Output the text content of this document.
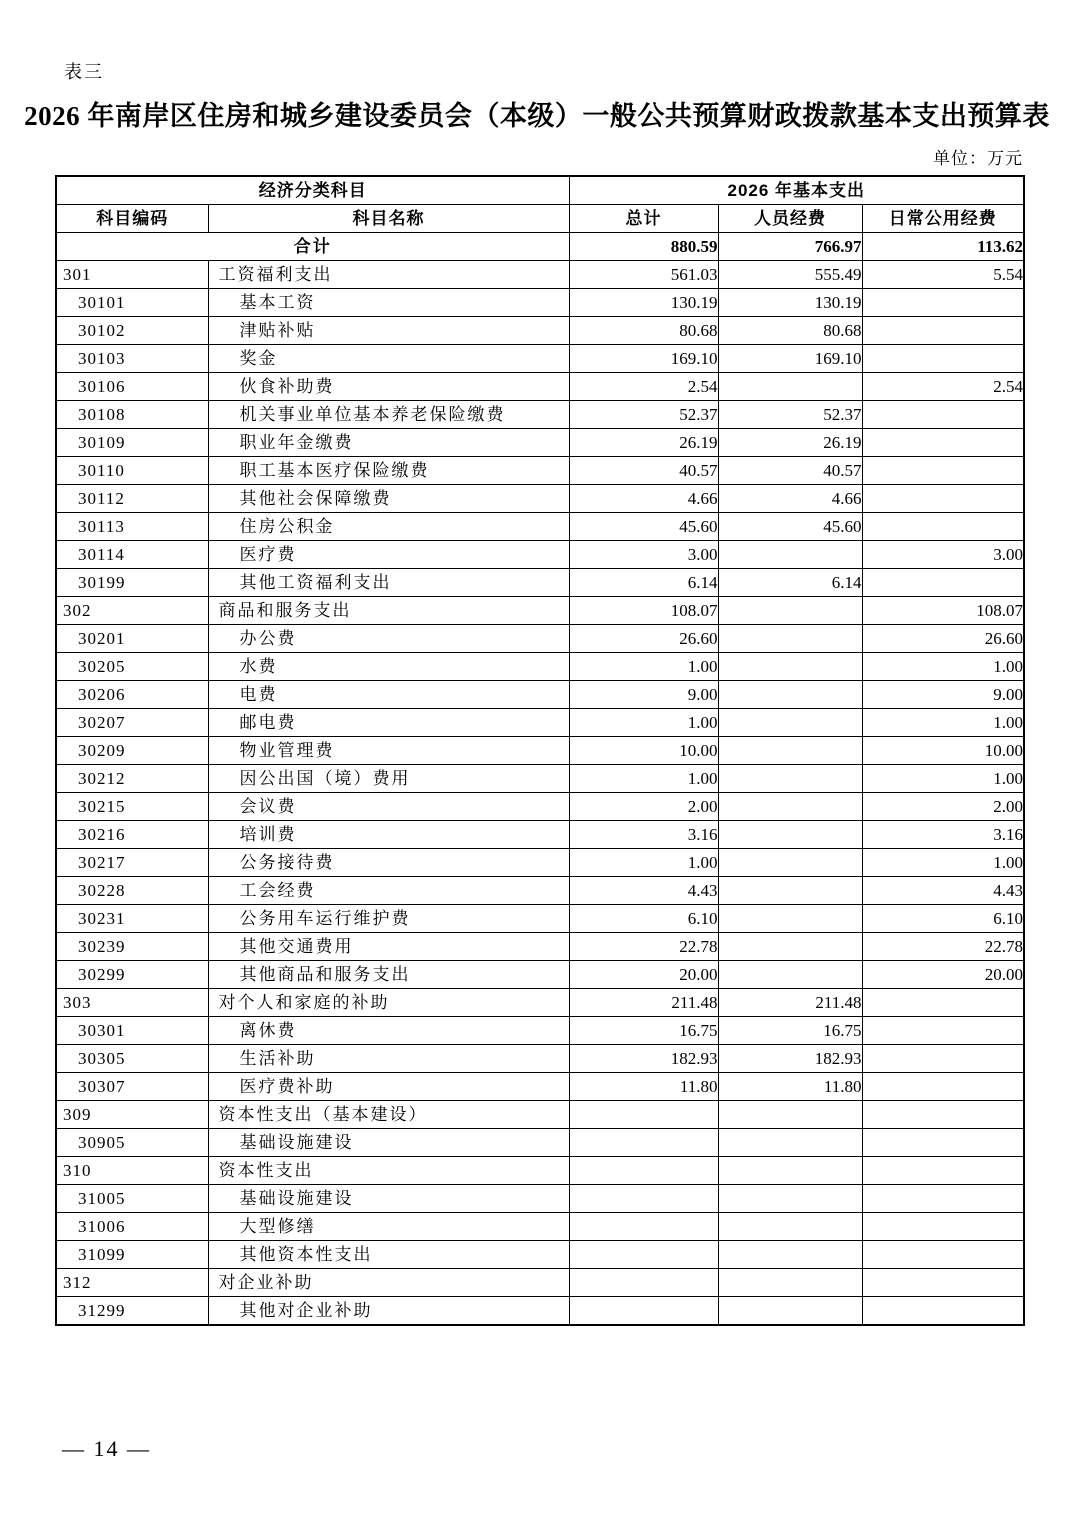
表三
2026 年南岸区住房和城乡建设委员会（本级）一般公共预算财政拨款基本支出预算表
单位：万元
经济分类科目		2026 年基本支出		
科目编码	科目名称	总计	人员经费	日常公用经费
合计		880.59	766.97	113.62
301	工资福利支出	561.03	555.49	5.54
30101	基本工资	130.19	130.19	
30102	津贴补贴	80.68	80.68	
30103	奖金	169.10	169.10	
30106	伙食补助费	2.54		2.54
30108	机关事业单位基本养老保险缴费	52.37	52.37	
30109	职业年金缴费	26.19	26.19	
30110	职工基本医疗保险缴费	40.57	40.57	
30112	其他社会保障缴费	4.66	4.66	
30113	住房公积金	45.60	45.60	
30114	医疗费	3.00		3.00
30199	其他工资福利支出	6.14	6.14	
302	商品和服务支出	108.07		108.07
30201	办公费	26.60		26.60
30205	水费	1.00		1.00
30206	电费	9.00		9.00
30207	邮电费	1.00		1.00
30209	物业管理费	10.00		10.00
30212	因公出国（境）费用	1.00		1.00
30215	会议费	2.00		2.00
30216	培训费	3.16		3.16
30217	公务接待费	1.00		1.00
30228	工会经费	4.43		4.43
30231	公务用车运行维护费	6.10		6.10
30239	其他交通费用	22.78		22.78
30299	其他商品和服务支出	20.00		20.00
303	对个人和家庭的补助	211.48	211.48	
30301	离休费	16.75	16.75	
30305	生活补助	182.93	182.93	
30307	医疗费补助	11.80	11.80	
309	资本性支出（基本建设）			
30905	基础设施建设			
310	资本性支出			
31005	基础设施建设			
31006	大型修缮			
31099	其他资本性支出			
312	对企业补助			
31299	其他对企业补助			
— 14 —
